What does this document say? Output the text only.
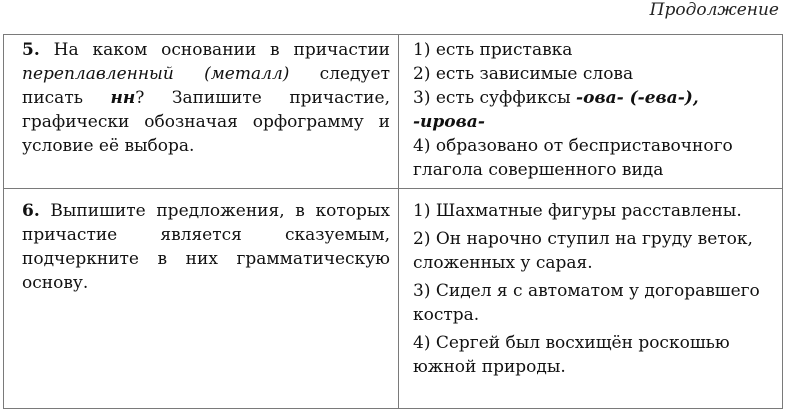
Продолжение
5. На каком основании в причастии переплавленный (металл) следует писать нн? Запишите причастие, графически обозначая орфограмму и условие её выбора.	1) есть приставка
2) есть зависимые слова
3) есть суффиксы -ова- (-ева-), -ирова-
4) образовано от бесприставочного глагола совершенного вида

6. Выпишите предложения, в которых причастие является сказуемым, подчеркните в них грамматическую основу.	1) Шахматные фигуры расставлены.
2) Он нарочно ступил на груду веток, сложенных у сарая.
3) Сидел я с автоматом у догоравшего костра.
4) Сергей был восхищён роскошью южной природы.
